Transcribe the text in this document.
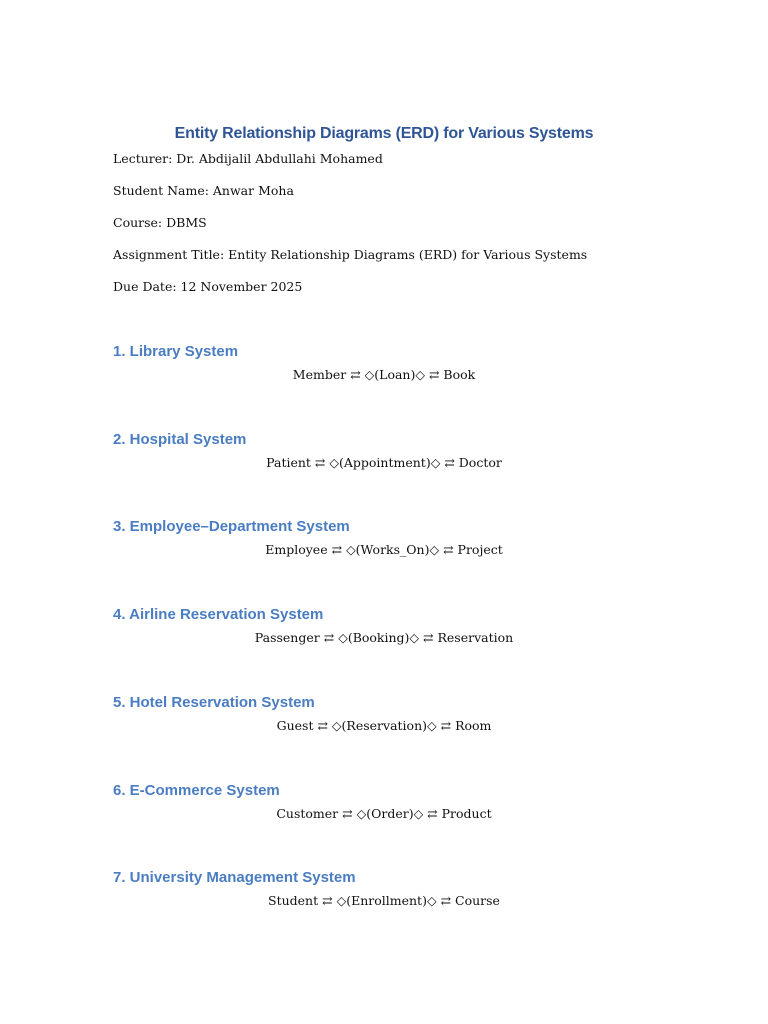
Entity Relationship Diagrams (ERD) for Various Systems
Lecturer: Dr. Abdijalil Abdullahi Mohamed
Student Name: Anwar Moha
Course: DBMS
Assignment Title: Entity Relationship Diagrams (ERD) for Various Systems
Due Date: 12 November 2025
1. Library System
Member ⇄ ◇(Loan)◇ ⇄ Book
2. Hospital System
Patient ⇄ ◇(Appointment)◇ ⇄ Doctor
3. Employee–Department System
Employee ⇄ ◇(Works_On)◇ ⇄ Project
4. Airline Reservation System
Passenger ⇄ ◇(Booking)◇ ⇄ Reservation
5. Hotel Reservation System
Guest ⇄ ◇(Reservation)◇ ⇄ Room
6. E-Commerce System
Customer ⇄ ◇(Order)◇ ⇄ Product
7. University Management System
Student ⇄ ◇(Enrollment)◇ ⇄ Course
